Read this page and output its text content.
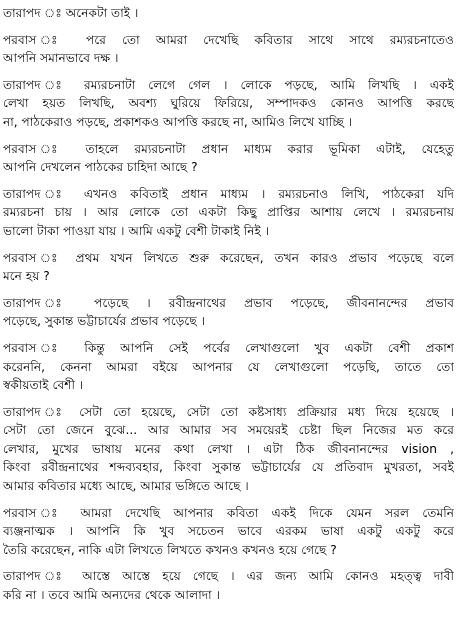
তারাপদ ঃ অনেকটা তাই ।
পরবাস ঃ পরে তো আমরা দেখেছি কবিতার সাথে সাথে রম্যরচনাতেও
আপনি সমানভাবে দক্ষ ।
তারাপদ ঃ রম্যরচনাটা লেগে গেল । লোকে পড়ছে, আমি লিখছি । একই
লেখা হয়ত লিখছি, অবশ্য ঘুরিয়ে ফিরিয়ে, সম্পাদকও কোনও আপত্তি করছে
না, পাঠকেরাও পড়ছে, প্রকাশকও আপত্তি করছে না, আমিও লিখে যাচ্ছি ।
পরবাস ঃ তাহলে রম্যরচনাটা প্রধান মাধ্যম করার ভূমিকা এটাই, যেহেতু
আপনি দেখলেন পাঠকের চাহিদা আছে ?
তারাপদ ঃ এখনও কবিতাই প্রধান মাধ্যম । রম্যরচনাও লিখি, পাঠকেরা যদি
রম্যরচনা চায় । আর লোকে তো একটা কিছু প্রাপ্তির আশায় লেখে । রম্যরচনায়
ভালো টাকা পাওয়া যায় । আমি একটু বেশী টাকাই নিই ।
পরবাস ঃ প্রথম যখন লিখতে শুরু করেছেন, তখন কারও প্রভাব পড়েছে বলে
মনে হয় ?
তারাপদ ঃ পড়েছে । রবীন্দ্রনাথের প্রভাব পড়েছে, জীবনানন্দের প্রভাব
পড়েছে, সুকান্ত ভট্টাচার্যের প্রভাব পড়েছে ।
পরবাস ঃ কিন্তু আপনি সেই পর্বের লেখাগুলো খুব একটা বেশী প্রকাশ
করেননি, কেননা আমরা বইয়ে আপনার যে লেখাগুলো পড়েছি, তাতে তো
স্বকীয়তাই বেশী ।
তারাপদ ঃ সেটা তো হয়েছে, সেটা তো কষ্টসাধ্য প্রক্রিয়ার মধ্য দিয়ে হয়েছে ।
সেটা তো জেনে বুঝে... আর আমার সব সময়েরই চেষ্টা ছিল নিজের মত করে
লেখার, মুখের ভাষায় মনের কথা লেখা । এটা ঠিক জীবনানন্দের vision ,
কিংবা রবীন্দ্রনাথের শব্দব্যবহার, কিংবা সুকান্ত ভট্টাচার্যের যে প্রতিবাদ মুখরতা, সবই
আমার কবিতার মধ্যে আছে, আমার ভঙ্গিতে আছে ।
পরবাস ঃ আমরা দেখেছি আপনার কবিতা একই দিকে যেমন সরল তেমনি
ব্যঞ্জনাত্মক । আপনি কি খুব সচেতন ভাবে এরকম ভাষা একটু একটু করে
তৈরি করেছেন, নাকি এটা লিখতে লিখতে কখনও কখনও হয়ে গেছে ?
তারাপদ ঃ আস্তে আস্তে হয়ে গেছে । এর জন্য আমি কোনও মহত্ত্ব দাবী
করি না । তবে আমি অন্যদের থেকে আলাদা ।
